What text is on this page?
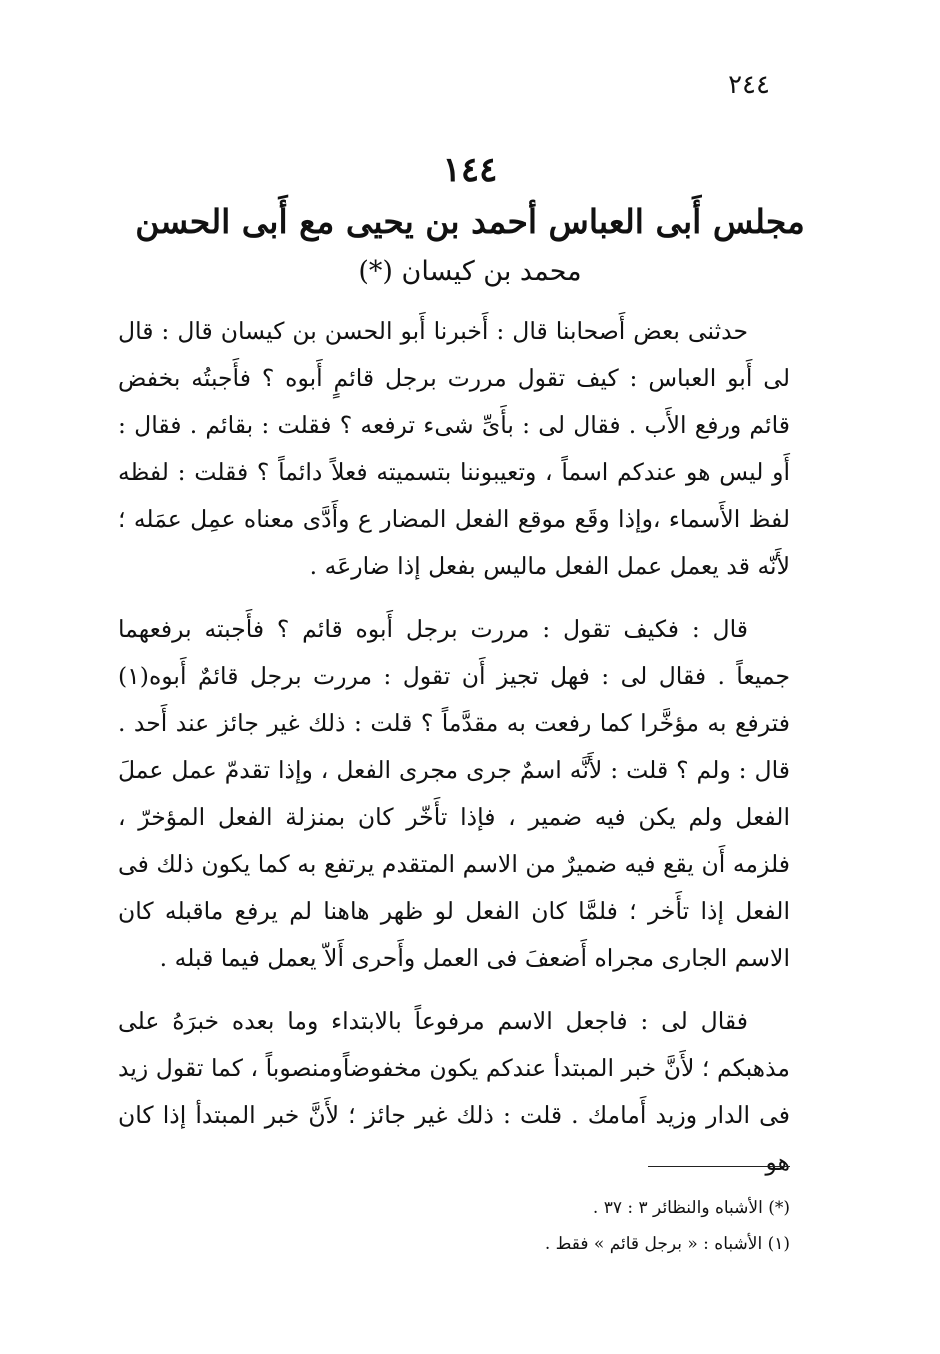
٢٤٤
١٤٤
مجلس أَبى العباس أحمد بن يحيى مع أَبى الحسن
محمد بن كيسان (*)

حدثنى بعض أَصحابنا قال : أَخبرنا أَبو الحسن بن كيسان قال : قال لى أَبو العباس : كيف تقول مررت برجل قائمٍ أَبوه ؟ فأَجبتُه بخفض قائم ورفع الأَب . فقال لى : بأَىِّ شىء ترفعه ؟ فقلت : بقائم . فقال : أَو ليس هو عندكم اسماً ، وتعيبوننا بتسميته فعلاً دائماً ؟ فقلت : لفظه لفظ الأَسماء ،وإذا وقَع موقع الفعل المضار ع وأَدَّى معناه عمِل عمَله ؛ لأَنّه قد يعمل عمل الفعل ماليس بفعل إذا ضارعَه .

قال : فكيف تقول : مررت برجل أَبوه قائم ؟ فأَجبته برفعهما جميعاً . فقال لى : فهل تجيز أَن تقول : مررت برجل قائمٌ أَبوه(١) فترفع به مؤخَّرا كما رفعت به مقدَّماً ؟ قلت : ذلك غير جائز عند أَحد . قال : ولم ؟ قلت : لأَنَّه اسمٌ جرى مجرى الفعل ، وإذا تقدمّ عمل عملَ الفعل ولم يكن فيه ضمير ، فإذا تأَخّر كان بمنزلة الفعل المؤخرّ ، فلزمه أَن يقع فيه ضميرٌ من الاسم المتقدم يرتفع به كما يكون ذلك فى الفعل إذا تأَخر ؛ فلمَّا كان الفعل لو ظهر هاهنا لم يرفع ماقبله كان الاسم الجارى مجراه أَضعفَ فى العمل وأَحرى أَلاّ يعمل فيما قبله .

فقال لى : فاجعل الاسم مرفوعاً بالابتداء وما بعده خبرَهُ على مذهبكم ؛ لأَنَّ خبر المبتدأ عندكم يكون مخفوضاًومنصوباً ، كما تقول زيد فى الدار وزيد أَمامك . قلت : ذلك غير جائز ؛ لأَنَّ خبر المبتدأ إذا كان هو

(*) الأشباه والنظائر ٣ : ٣٧ .
(١) الأشباه : « برجل قائم » فقط .
